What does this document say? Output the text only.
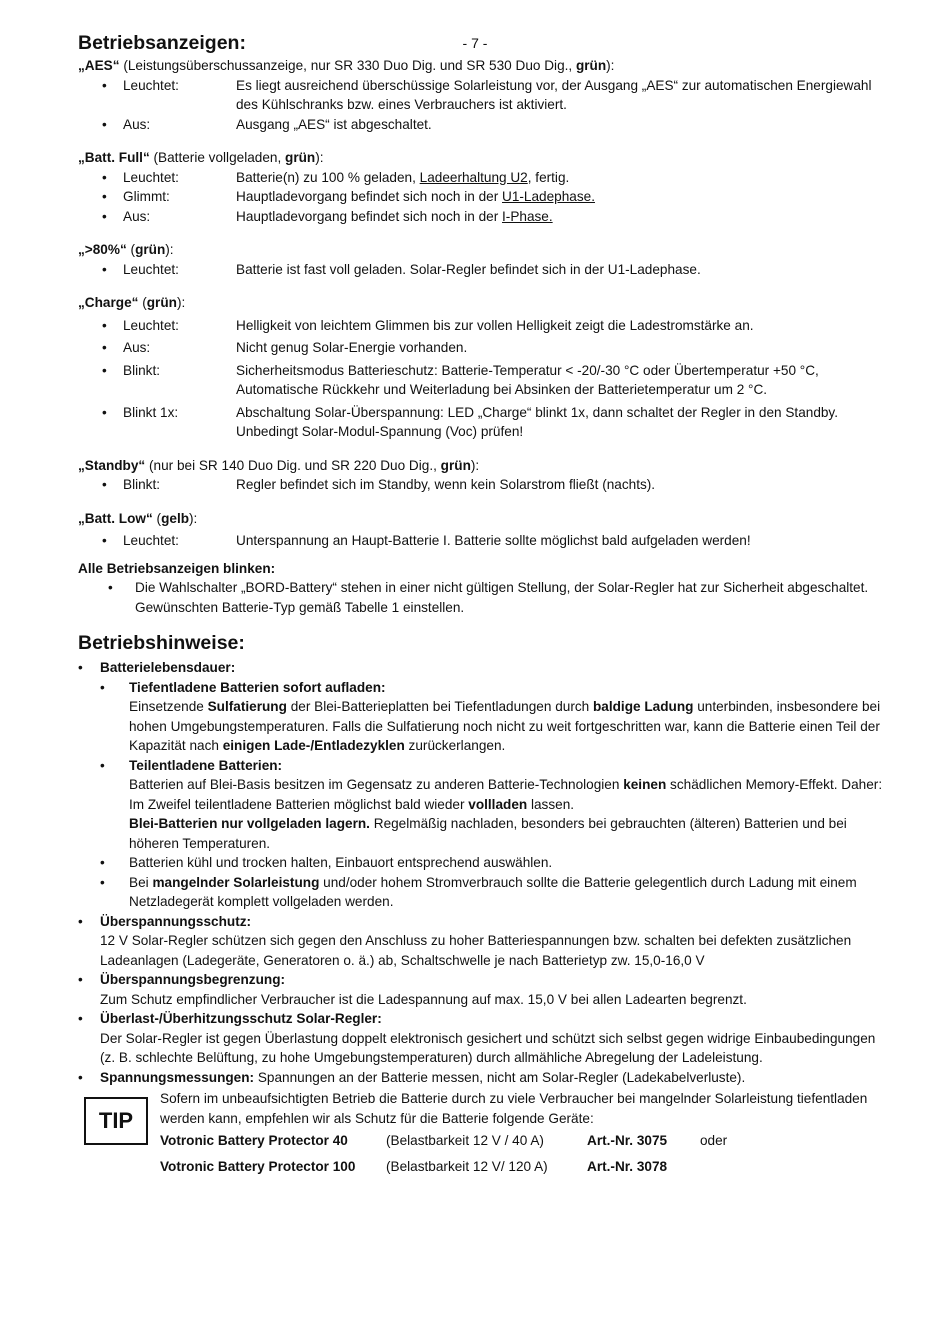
- 7 -
Betriebsanzeigen:

„AES“ (Leistungsüberschussanzeige, nur SR 330 Duo Dig. und SR 530 Duo Dig., grün):

• Leuchtet:	Es liegt ausreichend überschüssige Solarleistung vor, der Ausgang „AES“ zur automatischen Energiewahl des Kühlschranks bzw. eines Verbrauchers ist aktiviert.
• Aus:	Ausgang „AES“ ist abgeschaltet.

„Batt. Full“ (Batterie vollgeladen, grün):

• Leuchtet:	Batterie(n) zu 100 % geladen, Ladeerhaltung U2, fertig.
• Glimmt:	Hauptladevorgang befindet sich noch in der U1-Ladephase.
• Aus:	Hauptladevorgang befindet sich noch in der I-Phase.

„>80%“ (grün):

• Leuchtet:	Batterie ist fast voll geladen. Solar-Regler befindet sich in der U1-Ladephase.

„Charge“ (grün):

• Leuchtet:	Helligkeit von leichtem Glimmen bis zur vollen Helligkeit zeigt die Ladestromstärke an.
• Aus:	Nicht genug Solar-Energie vorhanden.
• Blinkt:	Sicherheitsmodus Batterieschutz: Batterie-Temperatur < -20/-30 °C oder Übertemperatur +50 °C, Automatische Rückkehr und Weiterladung bei Absinken der Batterietemperatur um 2 °C.
• Blinkt 1x:	Abschaltung Solar-Überspannung: LED „Charge“ blinkt 1x, dann schaltet der Regler in den Standby. Unbedingt Solar-Modul-Spannung (Voc) prüfen!

„Standby“ (nur bei SR 140 Duo Dig. und SR 220 Duo Dig., grün):

• Blinkt:	Regler befindet sich im Standby, wenn kein Solarstrom fließt (nachts).

„Batt. Low“ (gelb):

• Leuchtet:	Unterspannung an Haupt-Batterie I. Batterie sollte möglichst bald aufgeladen werden!

Alle Betriebsanzeigen blinken:

• Die Wahlschalter „BORD-Battery“ stehen in einer nicht gültigen Stellung, der Solar-Regler hat zur Sicherheit abgeschaltet. Gewünschten Batterie-Typ gemäß Tabelle 1 einstellen.
Betriebshinweise:
• Batterielebensdauer:
• Tiefentladene Batterien sofort aufladen:
Einsetzende Sulfatierung der Blei-Batterieplatten bei Tiefentladungen durch baldige Ladung unterbinden, insbesondere bei hohen Umgebungstemperaturen. Falls die Sulfatierung noch nicht zu weit fortgeschritten war, kann die Batterie einen Teil der Kapazität nach einigen Lade-/Entladezyklen zurückerlangen.
• Teilentladene Batterien:
Batterien auf Blei-Basis besitzen im Gegensatz zu anderen Batterie-Technologien keinen schädlichen Memory-Effekt. Daher: Im Zweifel teilentladene Batterien möglichst bald wieder vollladen lassen.
Blei-Batterien nur vollgeladen lagern. Regelmäßig nachladen, besonders bei gebrauchten (älteren) Batterien und bei höheren Temperaturen.
• Batterien kühl und trocken halten, Einbauort entsprechend auswählen.
• Bei mangelnder Solarleistung und/oder hohem Stromverbrauch sollte die Batterie gelegentlich durch Ladung mit einem Netzladegerät komplett vollgeladen werden.
• Überspannungsschutz:
12 V Solar-Regler schützen sich gegen den Anschluss zu hoher Batteriespannungen bzw. schalten bei defekten zusätzlichen Ladeanlagen (Ladegeräte, Generatoren o. ä.) ab, Schaltschwelle je nach Batterietyp zw. 15,0-16,0 V
• Überspannungsbegrenzung:
Zum Schutz empfindlicher Verbraucher ist die Ladespannung auf max. 15,0 V bei allen Ladearten begrenzt.
• Überlast-/Überhitzungsschutz Solar-Regler:
Der Solar-Regler ist gegen Überlastung doppelt elektronisch gesichert und schützt sich selbst gegen widrige Einbaubedingungen (z. B. schlechte Belüftung, zu hohe Umgebungstemperaturen) durch allmähliche Abregelung der Ladeleistung.
• Spannungsmessungen: Spannungen an der Batterie messen, nicht am Solar-Regler (Ladekabelverluste).
TIP
Sofern im unbeaufsichtigten Betrieb die Batterie durch zu viele Verbraucher bei mangelnder Solarleistung tiefentladen werden kann, empfehlen wir als Schutz für die Batterie folgende Geräte:
Votronic Battery Protector 40	(Belastbarkeit 12 V / 40 A)	Art.-Nr. 3075	oder
Votronic Battery Protector 100	(Belastbarkeit 12 V/ 120 A)	Art.-Nr. 3078
